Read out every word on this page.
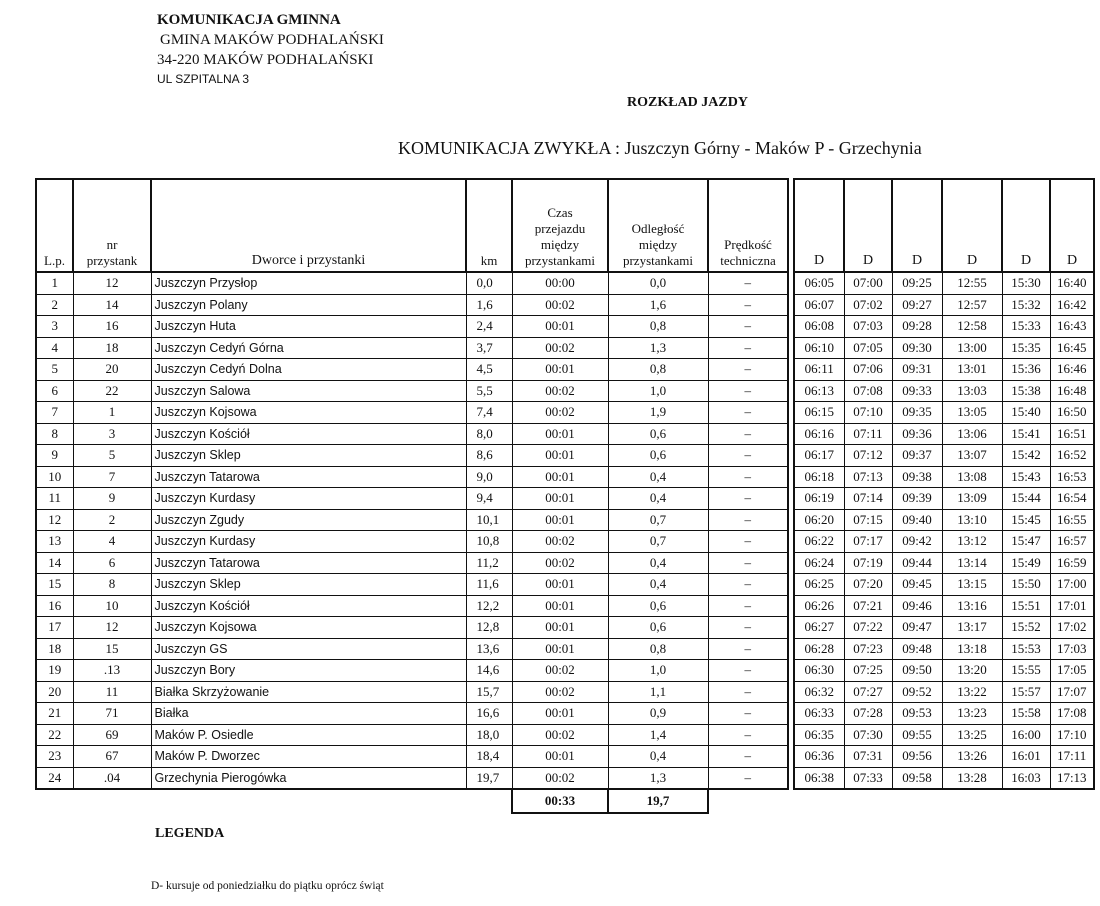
KOMUNIKACJA GMINNA
GMINA MAKÓW PODHALAŃSKI
34-220 MAKÓW PODHALAŃSKI
UL SZPITALNA 3
ROZKŁAD JAZDY
KOMUNIKACJA ZWYKŁA : Juszczyn Górny - Maków P - Grzechynia
L.p.	nr
przystank	Dworce i przystanki	km	Czas
przejazdu
między
przystankami	Odległość
między
przystankami	Prędkość
techniczna		D	D	D	D	D	D
1	12	Juszczyn Przysłop	0,0	00:00	0,0	–		06:05	07:00	09:25	12:55	15:30	16:40
2	14	Juszczyn Polany	1,6	00:02	1,6	–		06:07	07:02	09:27	12:57	15:32	16:42
3	16	Juszczyn Huta	2,4	00:01	0,8	–		06:08	07:03	09:28	12:58	15:33	16:43
4	18	Juszczyn Cedyń Górna	3,7	00:02	1,3	–		06:10	07:05	09:30	13:00	15:35	16:45
5	20	Juszczyn Cedyń Dolna	4,5	00:01	0,8	–		06:11	07:06	09:31	13:01	15:36	16:46
6	22	Juszczyn Salowa	5,5	00:02	1,0	–		06:13	07:08	09:33	13:03	15:38	16:48
7	1	Juszczyn Kojsowa	7,4	00:02	1,9	–		06:15	07:10	09:35	13:05	15:40	16:50
8	3	Juszczyn Kościół	8,0	00:01	0,6	–		06:16	07:11	09:36	13:06	15:41	16:51
9	5	Juszczyn Sklep	8,6	00:01	0,6	–		06:17	07:12	09:37	13:07	15:42	16:52
10	7	Juszczyn Tatarowa	9,0	00:01	0,4	–		06:18	07:13	09:38	13:08	15:43	16:53
11	9	Juszczyn Kurdasy	9,4	00:01	0,4	–		06:19	07:14	09:39	13:09	15:44	16:54
12	2	Juszczyn Zgudy	10,1	00:01	0,7	–		06:20	07:15	09:40	13:10	15:45	16:55
13	4	Juszczyn Kurdasy	10,8	00:02	0,7	–		06:22	07:17	09:42	13:12	15:47	16:57
14	6	Juszczyn Tatarowa	11,2	00:02	0,4	–		06:24	07:19	09:44	13:14	15:49	16:59
15	8	Juszczyn Sklep	11,6	00:01	0,4	–		06:25	07:20	09:45	13:15	15:50	17:00
16	10	Juszczyn Kościół	12,2	00:01	0,6	–		06:26	07:21	09:46	13:16	15:51	17:01
17	12	Juszczyn Kojsowa	12,8	00:01	0,6	–		06:27	07:22	09:47	13:17	15:52	17:02
18	15	Juszczyn GS	13,6	00:01	0,8	–		06:28	07:23	09:48	13:18	15:53	17:03
19	.13	Juszczyn Bory	14,6	00:02	1,0	–		06:30	07:25	09:50	13:20	15:55	17:05
20	11	Białka Skrzyżowanie	15,7	00:02	1,1	–		06:32	07:27	09:52	13:22	15:57	17:07
21	71	Białka	16,6	00:01	0,9	–		06:33	07:28	09:53	13:23	15:58	17:08
22	69	Maków P. Osiedle	18,0	00:02	1,4	–		06:35	07:30	09:55	13:25	16:00	17:10
23	67	Maków P. Dworzec	18,4	00:01	0,4	–		06:36	07:31	09:56	13:26	16:01	17:11
24	.04	Grzechynia Pierogówka	19,7	00:02	1,3	–		06:38	07:33	09:58	13:28	16:03	17:13
				00:33	19,7								
LEGENDA
D- kursuje od poniedziałku do piątku oprócz świąt
